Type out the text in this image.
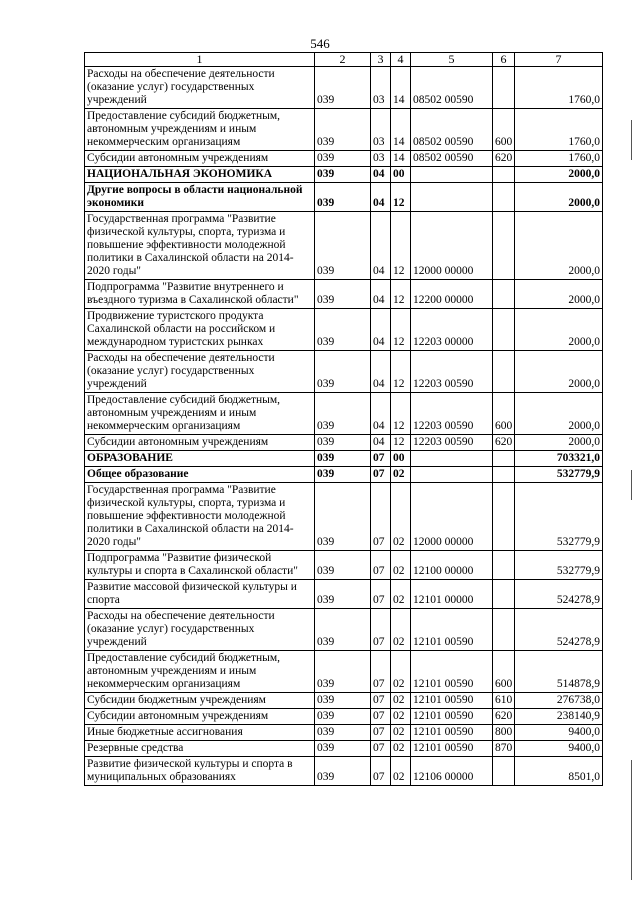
546
1	2	3	4	5	6	7
Расходы на обеспечение деятельности (оказание услуг) государственных учреждений	039	03	14	08502 00590		1760,0
Предоставление субсидий бюджетным, автономным учреждениям и иным некоммерческим организациям	039	03	14	08502 00590	600	1760,0
Субсидии автономным учреждениям	039	03	14	08502 00590	620	1760,0
НАЦИОНАЛЬНАЯ ЭКОНОМИКА	039	04	00			2000,0
Другие вопросы в области национальной экономики	039	04	12			2000,0
Государственная программа "Развитие физической культуры, спорта, туризма и повышение эффективности молодежной политики в Сахалинской области на 2014-2020 годы"	039	04	12	12000 00000		2000,0
Подпрограмма "Развитие внутреннего и въездного туризма в Сахалинской области"	039	04	12	12200 00000		2000,0
Продвижение туристского продукта Сахалинской области на российском и международном туристских рынках	039	04	12	12203 00000		2000,0
Расходы на обеспечение деятельности (оказание услуг) государственных учреждений	039	04	12	12203 00590		2000,0
Предоставление субсидий бюджетным, автономным учреждениям и иным некоммерческим организациям	039	04	12	12203 00590	600	2000,0
Субсидии автономным учреждениям	039	04	12	12203 00590	620	2000,0
ОБРАЗОВАНИЕ	039	07	00			703321,0
Общее образование	039	07	02			532779,9
Государственная программа "Развитие физической культуры, спорта, туризма и повышение эффективности молодежной политики в Сахалинской области на 2014-2020 годы"	039	07	02	12000 00000		532779,9
Подпрограмма "Развитие физической культуры и спорта в Сахалинской области"	039	07	02	12100 00000		532779,9
Развитие массовой физической культуры и спорта	039	07	02	12101 00000		524278,9
Расходы на обеспечение деятельности (оказание услуг) государственных учреждений	039	07	02	12101 00590		524278,9
Предоставление субсидий бюджетным, автономным учреждениям и иным некоммерческим организациям	039	07	02	12101 00590	600	514878,9
Субсидии бюджетным учреждениям	039	07	02	12101 00590	610	276738,0
Субсидии автономным учреждениям	039	07	02	12101 00590	620	238140,9
Иные бюджетные ассигнования	039	07	02	12101 00590	800	9400,0
Резервные средства	039	07	02	12101 00590	870	9400,0
Развитие физической культуры и спорта в муниципальных образованиях	039	07	02	12106 00000		8501,0
